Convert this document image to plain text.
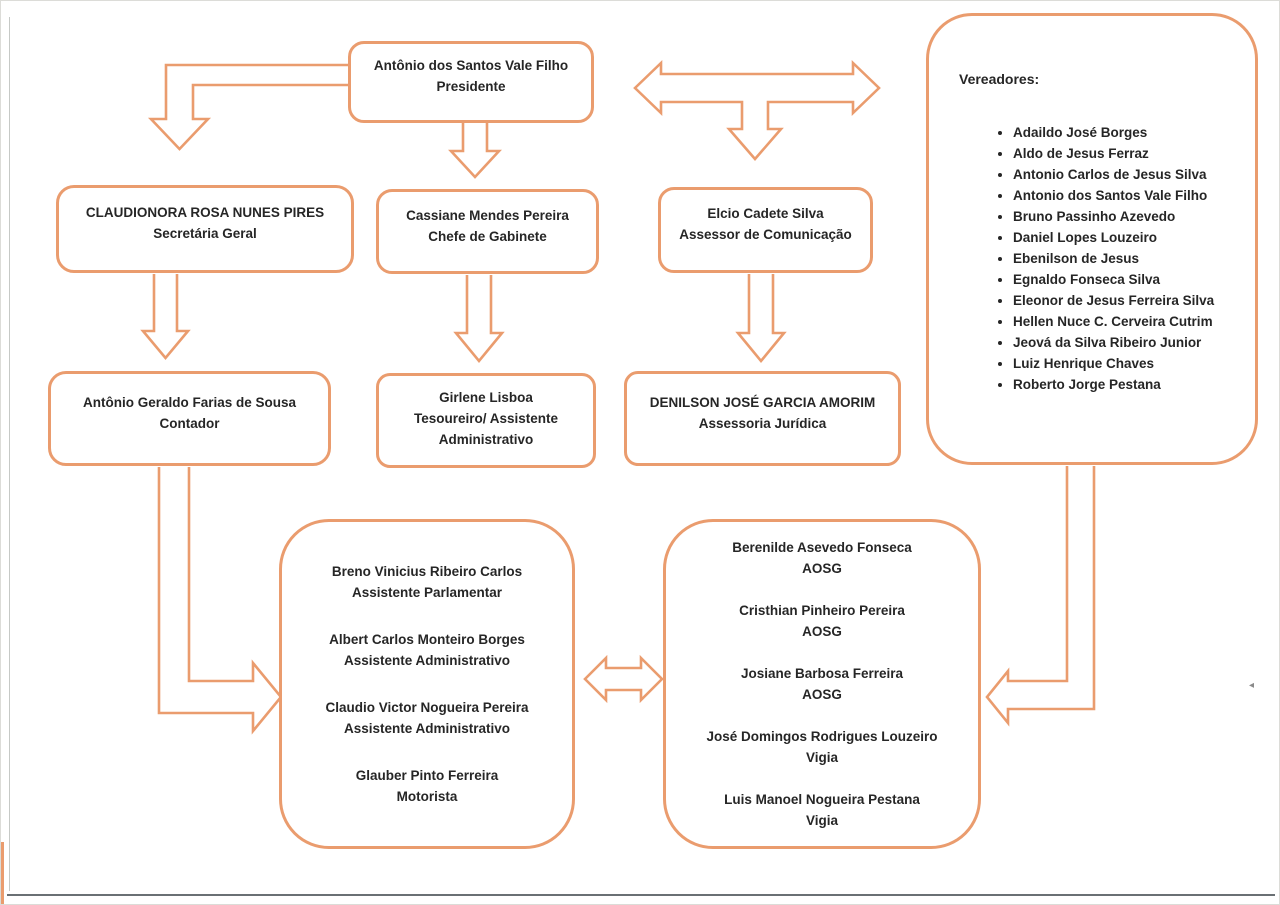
Antônio dos Santos Vale Filho
Presidente
CLAUDIONORA ROSA NUNES PIRES
Secretária Geral
Cassiane Mendes Pereira
Chefe de Gabinete
Elcio Cadete Silva
Assessor de Comunicação
Vereadores:
• Adaildo José Borges
• Aldo de Jesus Ferraz
• Antonio Carlos de Jesus Silva
• Antonio dos Santos Vale Filho
• Bruno Passinho Azevedo
• Daniel Lopes Louzeiro
• Ebenilson de Jesus
• Egnaldo Fonseca Silva
• Eleonor de Jesus Ferreira Silva
• Hellen Nuce C. Cerveira Cutrim
• Jeová da Silva Ribeiro Junior
• Luiz Henrique Chaves
• Roberto Jorge Pestana
Antônio Geraldo Farias de Sousa
Contador
Girlene Lisboa
Tesoureiro/ Assistente Administrativo
DENILSON JOSÉ GARCIA AMORIM
Assessoria Jurídica
Breno Vinicius Ribeiro Carlos
Assistente Parlamentar
Albert Carlos Monteiro Borges
Assistente Administrativo
Claudio Victor Nogueira Pereira
Assistente Administrativo
Glauber Pinto Ferreira
Motorista
Berenilde Asevedo Fonseca
AOSG
Cristhian Pinheiro Pereira
AOSG
Josiane Barbosa Ferreira
AOSG
José Domingos Rodrigues Louzeiro
Vigia
Luis Manoel Nogueira Pestana
Vigia
◂
